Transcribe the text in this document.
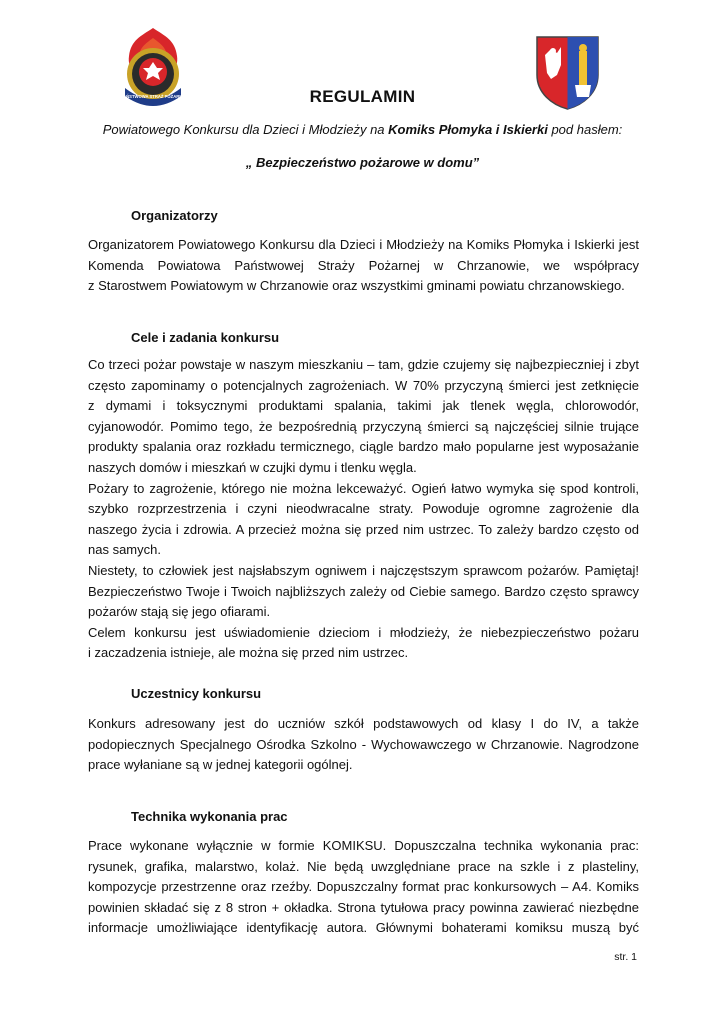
PAŃSTWOWA STRAŻ POŻARNA	REGULAMIN
Powiatowego Konkursu dla Dzieci i Młodzieży na Komiks Płomyka i Iskierki pod hasłem:
„ Bezpieczeństwo pożarowe w domu”
Organizatorzy
Organizatorem Powiatowego Konkursu dla Dzieci i Młodzieży na Komiks Płomyka i Iskierki jest
Komenda Powiatowa Państwowej Straży Pożarnej w Chrzanowie, we współpracy
z Starostwem Powiatowym w Chrzanowie oraz wszystkimi gminami powiatu chrzanowskiego.
Cele i zadania konkursu
Co trzeci pożar powstaje w naszym mieszkaniu – tam, gdzie czujemy się najbezpieczniej i zbyt
często zapominamy o potencjalnych zagrożeniach. W 70% przyczyną śmierci jest zetknięcie
z dymami i toksycznymi produktami spalania, takimi jak tlenek węgla, chlorowodór,
cyjanowodór. Pomimo tego, że bezpośrednią przyczyną śmierci są najczęściej silnie trujące
produkty spalania oraz rozkładu termicznego, ciągle bardzo mało popularne jest wyposażanie
naszych domów i mieszkań w czujki dymu i tlenku węgla.
Pożary to zagrożenie, którego nie można lekceważyć. Ogień łatwo wymyka się spod kontroli,
szybko rozprzestrzenia i czyni nieodwracalne straty. Powoduje ogromne zagrożenie dla
naszego życia i zdrowia. A przecież można się przed nim ustrzec. To zależy bardzo często od
nas samych.
Niestety, to człowiek jest najsłabszym ogniwem i najczęstszym sprawcom pożarów. Pamiętaj!
Bezpieczeństwo Twoje i Twoich najbliższych zależy od Ciebie samego. Bardzo często sprawcy
pożarów stają się jego ofiarami.
Celem konkursu jest uświadomienie dzieciom i młodzieży, że niebezpieczeństwo pożaru
i zaczadzenia istnieje, ale można się przed nim ustrzec.
Uczestnicy konkursu
Konkurs adresowany jest do uczniów szkół podstawowych od klasy I do IV, a także
podopiecznych Specjalnego Ośrodka Szkolno - Wychowawczego w Chrzanowie. Nagrodzone
prace wyłaniane są w jednej kategorii ogólnej.
Technika wykonania prac
Prace wykonane wyłącznie w formie KOMIKSU. Dopuszczalna technika wykonania prac:
rysunek, grafika, malarstwo, kolaż. Nie będą uwzględniane prace na szkle i z plasteliny,
kompozycje przestrzenne oraz rzeźby. Dopuszczalny format prac konkursowych – A4. Komiks
powinien składać się z 8 stron + okładka. Strona tytułowa pracy powinna zawierać niezbędne
informacje umożliwiające identyfikację autora. Głównymi bohaterami komiksu muszą być
str. 1
